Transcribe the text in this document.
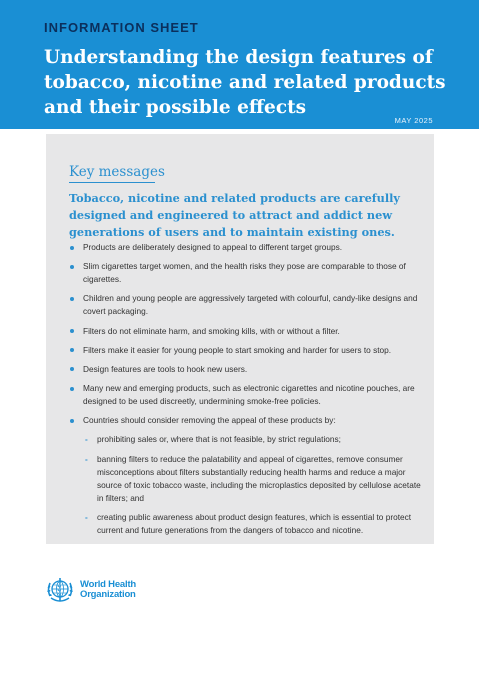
INFORMATION SHEET
Understanding the design features of tobacco, nicotine and related products and their possible effects
MAY 2025
Key messages
Tobacco, nicotine and related products are carefully designed and engineered to attract and addict new generations of users and to maintain existing ones.
Products are deliberately designed to appeal to different target groups.
Slim cigarettes target women, and the health risks they pose are comparable to those of cigarettes.
Children and young people are aggressively targeted with colourful, candy-like designs and covert packaging.
Filters do not eliminate harm, and smoking kills, with or without a filter.
Filters make it easier for young people to start smoking and harder for users to stop.
Design features are tools to hook new users.
Many new and emerging products, such as electronic cigarettes and nicotine pouches, are designed to be used discreetly, undermining smoke-free policies.
Countries should consider removing the appeal of these products by:
- prohibiting sales or, where that is not feasible, by strict regulations;
- banning filters to reduce the palatability and appeal of cigarettes, remove consumer misconceptions about filters substantially reducing health harms and reduce a major source of toxic tobacco waste, including the microplastics deposited by cellulose acetate in filters; and
- creating public awareness about product design features, which is essential to protect current and future generations from the dangers of tobacco and nicotine.
World Health
Organization
